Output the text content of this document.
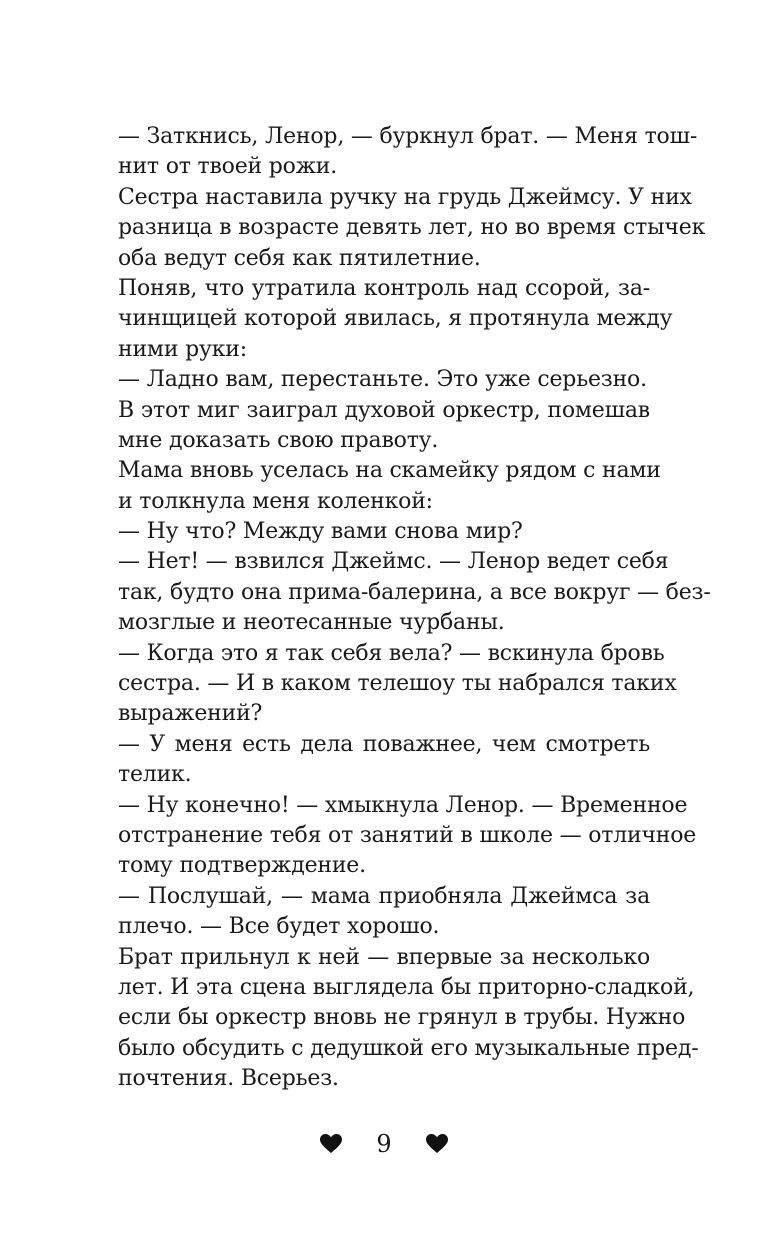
— Заткнись, Ленор, — буркнул брат. — Меня тош-
нит от твоей рожи.
Сестра наставила ручку на грудь Джеймсу. У них
разница в возрасте девять лет, но во время стычек
оба ведут себя как пятилетние.
Поняв, что утратила контроль над ссорой, за-
чинщицей которой явилась, я протянула между
ними руки:
— Ладно вам, перестаньте. Это уже серьезно.
В этот миг заиграл духовой оркестр, помешав
мне доказать свою правоту.
Мама вновь уселась на скамейку рядом с нами
и толкнула меня коленкой:
— Ну что? Между вами снова мир?
— Нет! — взвился Джеймс. — Ленор ведет себя
так, будто она прима-балерина, а все вокруг — без-
мозглые и неотесанные чурбаны.
— Когда это я так себя вела? — вскинула бровь
сестра. — И в каком телешоу ты набрался таких
выражений?
— У меня есть дела поважнее, чем смотреть
телик.
— Ну конечно! — хмыкнула Ленор. — Временное
отстранение тебя от занятий в школе — отличное
тому подтверждение.
— Послушай, — мама приобняла Джеймса за
плечо. — Все будет хорошо.
Брат прильнул к ней — впервые за несколько
лет. И эта сцена выглядела бы приторно-сладкой,
если бы оркестр вновь не грянул в трубы. Нужно
было обсудить с дедушкой его музыкальные пред-
почтения. Всерьез.
9
